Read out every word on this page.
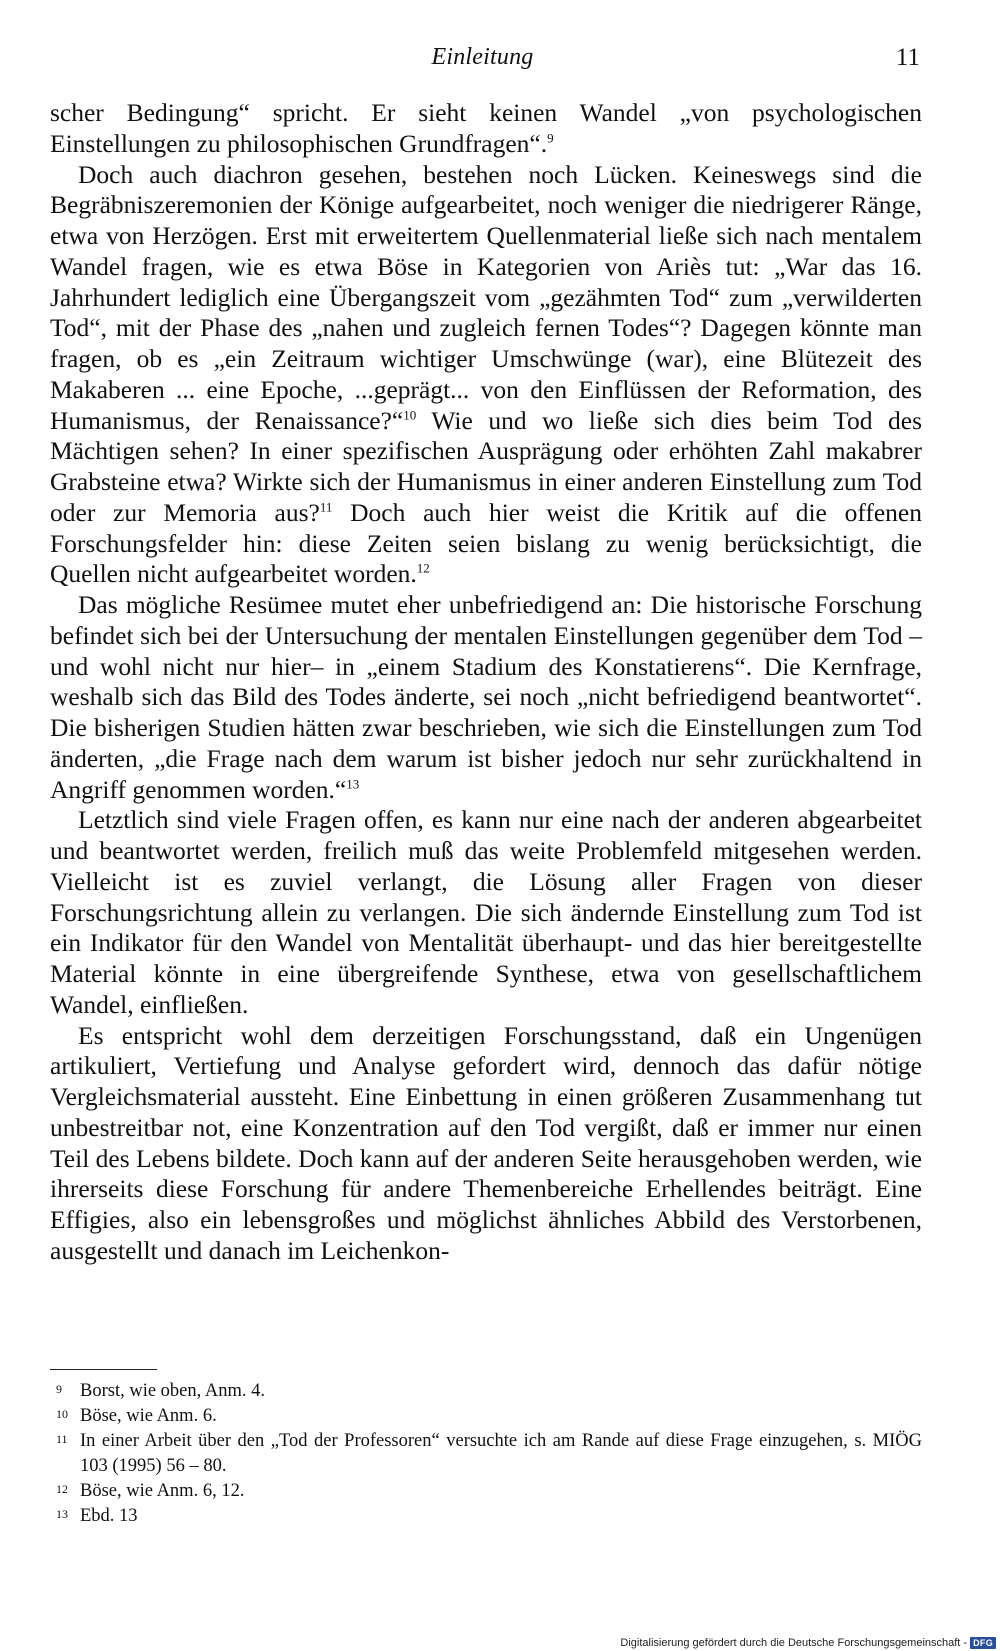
Einleitung	11

scher Bedingung“ spricht. Er sieht keinen Wandel „von psychologischen Einstellungen zu philosophischen Grundfragen“.$^9$

Doch auch diachron gesehen, bestehen noch Lücken. Keineswegs sind die Begräbniszeremonien der Könige aufgearbeitet, noch weniger die niedrigerer Ränge, etwa von Herzögen. Erst mit erweitertem Quellenmaterial ließe sich nach mentalem Wandel fragen, wie es etwa Böse in Kategorien von Ariès tut: „War das 16. Jahrhundert lediglich eine Übergangszeit vom „gezähmten Tod“ zum „verwilderten Tod“, mit der Phase des „nahen und zugleich fernen Todes“? Dagegen könnte man fragen, ob es „ein Zeitraum wichtiger Umschwünge (war), eine Blütezeit des Makaberen ... eine Epoche, ...geprägt... von den Einflüssen der Reformation, des Humanismus, der Renaissance?“$^{10}$ Wie und wo ließe sich dies beim Tod des Mächtigen sehen? In einer spezifischen Ausprägung oder erhöhten Zahl makabrer Grabsteine etwa? Wirkte sich der Humanismus in einer anderen Einstellung zum Tod oder zur Memoria aus?$^{11}$ Doch auch hier weist die Kritik auf die offenen Forschungsfelder hin: diese Zeiten seien bislang zu wenig berücksichtigt, die Quellen nicht aufgearbeitet worden.$^{12}$

Das mögliche Resümee mutet eher unbefriedigend an: Die historische Forschung befindet sich bei der Untersuchung der mentalen Einstellungen gegenüber dem Tod – und wohl nicht nur hier– in „einem Stadium des Konstatierens“. Die Kernfrage, weshalb sich das Bild des Todes änderte, sei noch „nicht befriedigend beantwortet“. Die bisherigen Studien hätten zwar beschrieben, wie sich die Einstellungen zum Tod änderten, „die Frage nach dem warum ist bisher jedoch nur sehr zurückhaltend in Angriff genommen worden.“$^{13}$

Letztlich sind viele Fragen offen, es kann nur eine nach der anderen abgearbeitet und beantwortet werden, freilich muß das weite Problemfeld mitgesehen werden. Vielleicht ist es zuviel verlangt, die Lösung aller Fragen von dieser Forschungsrichtung allein zu verlangen. Die sich ändernde Einstellung zum Tod ist ein Indikator für den Wandel von Mentalität überhaupt- und das hier bereitgestellte Material könnte in eine übergreifende Synthese, etwa von gesellschaftlichem Wandel, einfließen.

Es entspricht wohl dem derzeitigen Forschungsstand, daß ein Ungenügen artikuliert, Vertiefung und Analyse gefordert wird, dennoch das dafür nötige Vergleichsmaterial aussteht. Eine Einbettung in einen größeren Zusammenhang tut unbestreitbar not, eine Konzentration auf den Tod vergißt, daß er immer nur einen Teil des Lebens bildete. Doch kann auf der anderen Seite herausgehoben werden, wie ihrerseits diese Forschung für andere Themenbereiche Erhellendes beiträgt. Eine Effigies, also ein lebensgroßes und möglichst ähnliches Abbild des Verstorbenen, ausgestellt und danach im Leichenkon-

9 Borst, wie oben, Anm. 4.
10 Böse, wie Anm. 6.
11 In einer Arbeit über den „Tod der Professoren“ versuchte ich am Rande auf diese Frage einzugehen, s. MIÖG 103 (1995) 56 – 80.
12 Böse, wie Anm. 6, 12.
13 Ebd. 13
Digitalisierung gefördert durch die Deutsche Forschungsgemeinschaft - DFG
